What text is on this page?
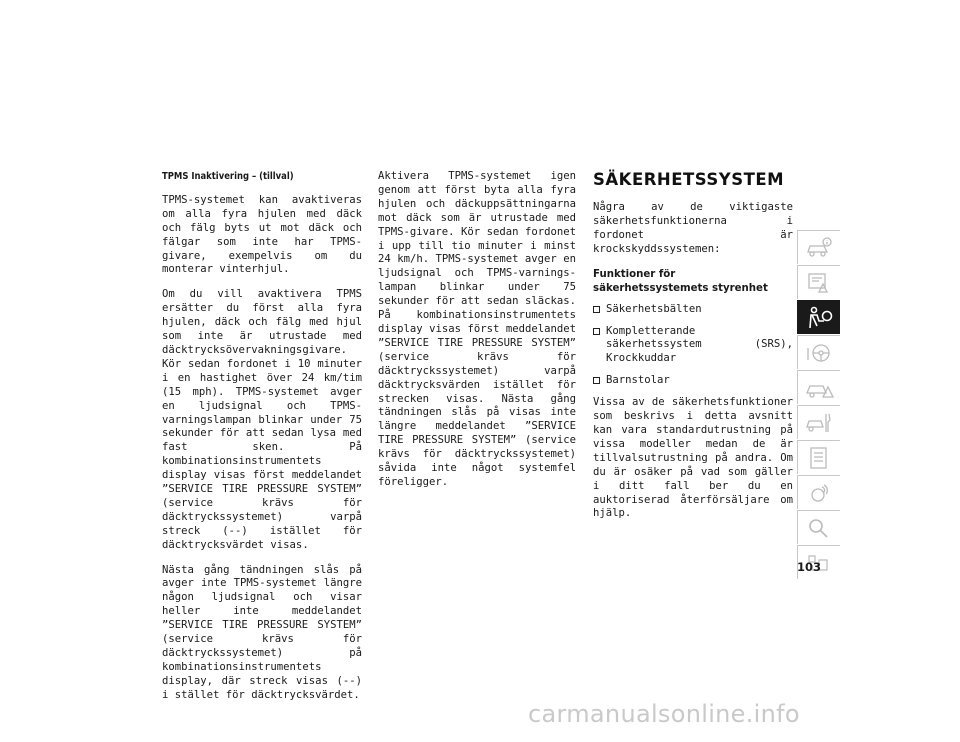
TPMS Inaktivering – (tillval)

TPMS-systemet kan avaktiveras om alla fyra hjulen med däck och fälg byts ut mot däck och fälgar som inte har TPMS-givare, exempelvis om du monterar vinterhjul.

Om du vill avaktivera TPMS ersätter du först alla fyra hjulen, däck och fälg med hjul som inte är utrustade med däcktrycksövervakningsgivare. Kör sedan fordonet i 10 minuter i en hastighet över 24 km/tim (15 mph). TPMS-systemet avger en ljudsignal och TPMS-varningslampan blinkar under 75 sekunder för att sedan lysa med fast sken. På kombinationsinstrumentets display visas först meddelandet ”SERVICE TIRE PRESSURE SYSTEM” (service krävs för däcktryckssystemet) varpå streck (--) istället för däcktrycksvärdet visas.

Nästa gång tändningen slås på avger inte TPMS-systemet längre någon ljudsignal och visar heller inte meddelandet ”SERVICE TIRE PRESSURE SYSTEM” (service krävs för däcktryckssystemet) på kombinationsinstrumentets display, där streck visas (--) i stället för däcktrycksvärdet.

Aktivera TPMS-systemet igen genom att först byta alla fyra hjulen och däckuppsättningarna mot däck som är utrustade med TPMS-givare. Kör sedan fordonet i upp till tio minuter i minst 24 km/h. TPMS-systemet avger en ljudsignal och TPMS-varningslampan blinkar under 75 sekunder för att sedan släckas. På kombinationsinstrumentets display visas först meddelandet ”SERVICE TIRE PRESSURE SYSTEM” (service krävs för däcktryckssystemet) varpå däcktrycksvärden istället för strecken visas. Nästa gång tändningen slås på visas inte längre meddelandet ”SERVICE TIRE PRESSURE SYSTEM” (service krävs för däcktryckssystemet) såvida inte något systemfel föreligger.

SÄKERHETSSYSTEM

Några av de viktigaste säkerhetsfunktionerna i fordonet är krockskyddssystemen:

Funktioner för säkerhetssystemets styrenhet
Säkerhetsbälten
Kompletterande säkerhetssystem (SRS), Krockkuddar
Barnstolar

Vissa av de säkerhetsfunktioner som beskrivs i detta avsnitt kan vara standardutrustning på vissa modeller medan de är tillvalsutrustning på andra. Om du är osäker på vad som gäller i ditt fall ber du en auktoriserad återförsäljare om hjälp.

103
carmanualsonline.info
